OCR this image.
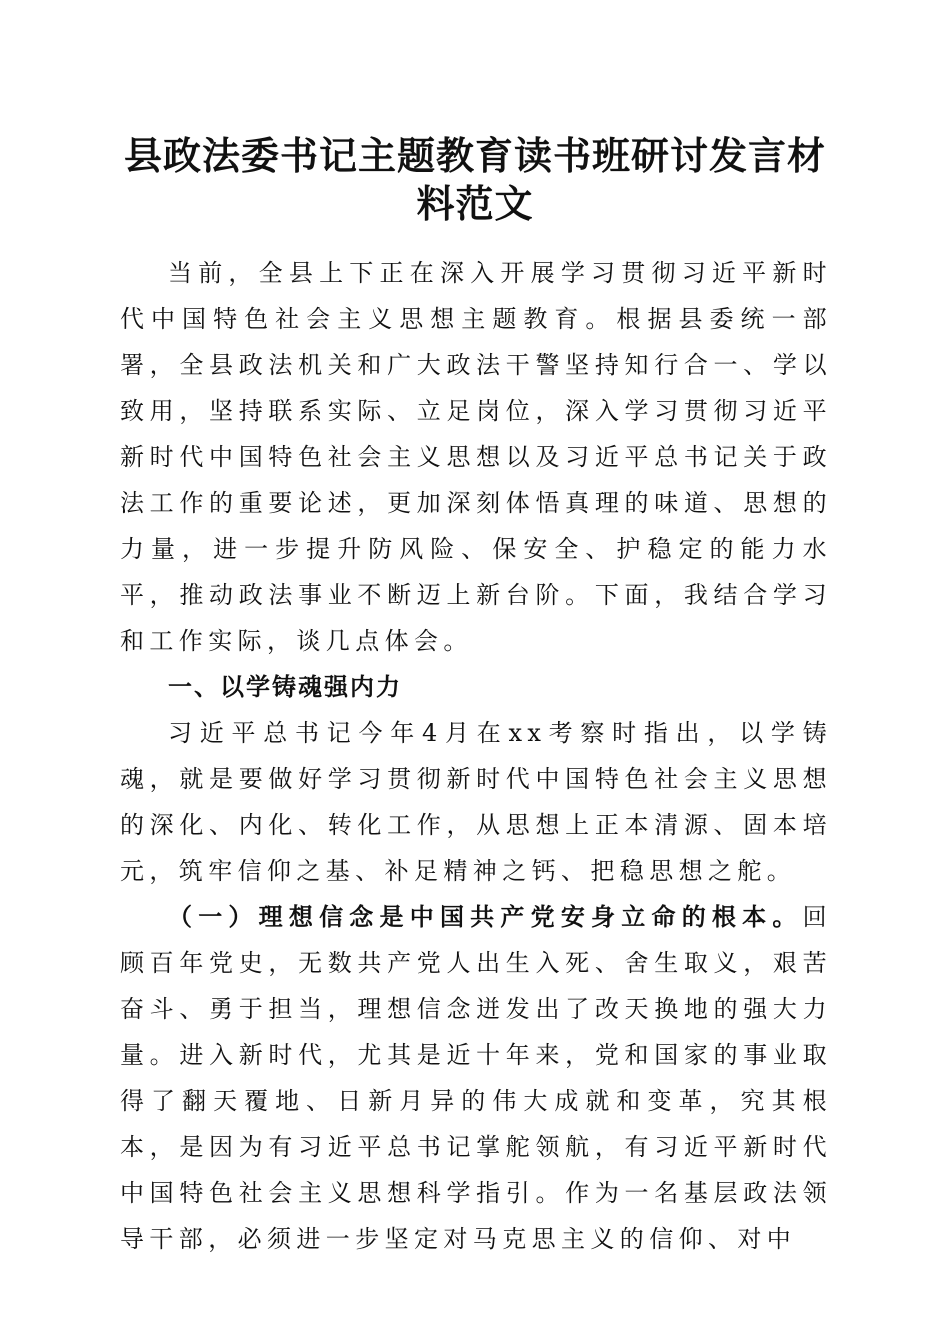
县政法委书记主题教育读书班研讨发言材料范文

当前，全县上下正在深入开展学习贯彻习近平新时代中国特色社会主义思想主题教育。根据县委统一部署，全县政法机关和广大政法干警坚持知行合一、学以致用，坚持联系实际、立足岗位，深入学习贯彻习近平新时代中国特色社会主义思想以及习近平总书记关于政法工作的重要论述，更加深刻体悟真理的味道、思想的力量，进一步提升防风险、保安全、护稳定的能力水平，推动政法事业不断迈上新台阶。下面，我结合学习和工作实际，谈几点体会。

一、以学铸魂强内力

习近平总书记今年4月在xx考察时指出，以学铸魂，就是要做好学习贯彻新时代中国特色社会主义思想的深化、内化、转化工作，从思想上正本清源、固本培元，筑牢信仰之基、补足精神之钙、把稳思想之舵。

（一）理想信念是中国共产党安身立命的根本。回顾百年党史，无数共产党人出生入死、舍生取义，艰苦奋斗、勇于担当，理想信念迸发出了改天换地的强大力量。进入新时代，尤其是近十年来，党和国家的事业取得了翻天覆地、日新月异的伟大成就和变革，究其根本，是因为有习近平总书记掌舵领航，有习近平新时代中国特色社会主义思想科学指引。作为一名基层政法领导干部，必须进一步坚定对马克思主义的信仰、对中
